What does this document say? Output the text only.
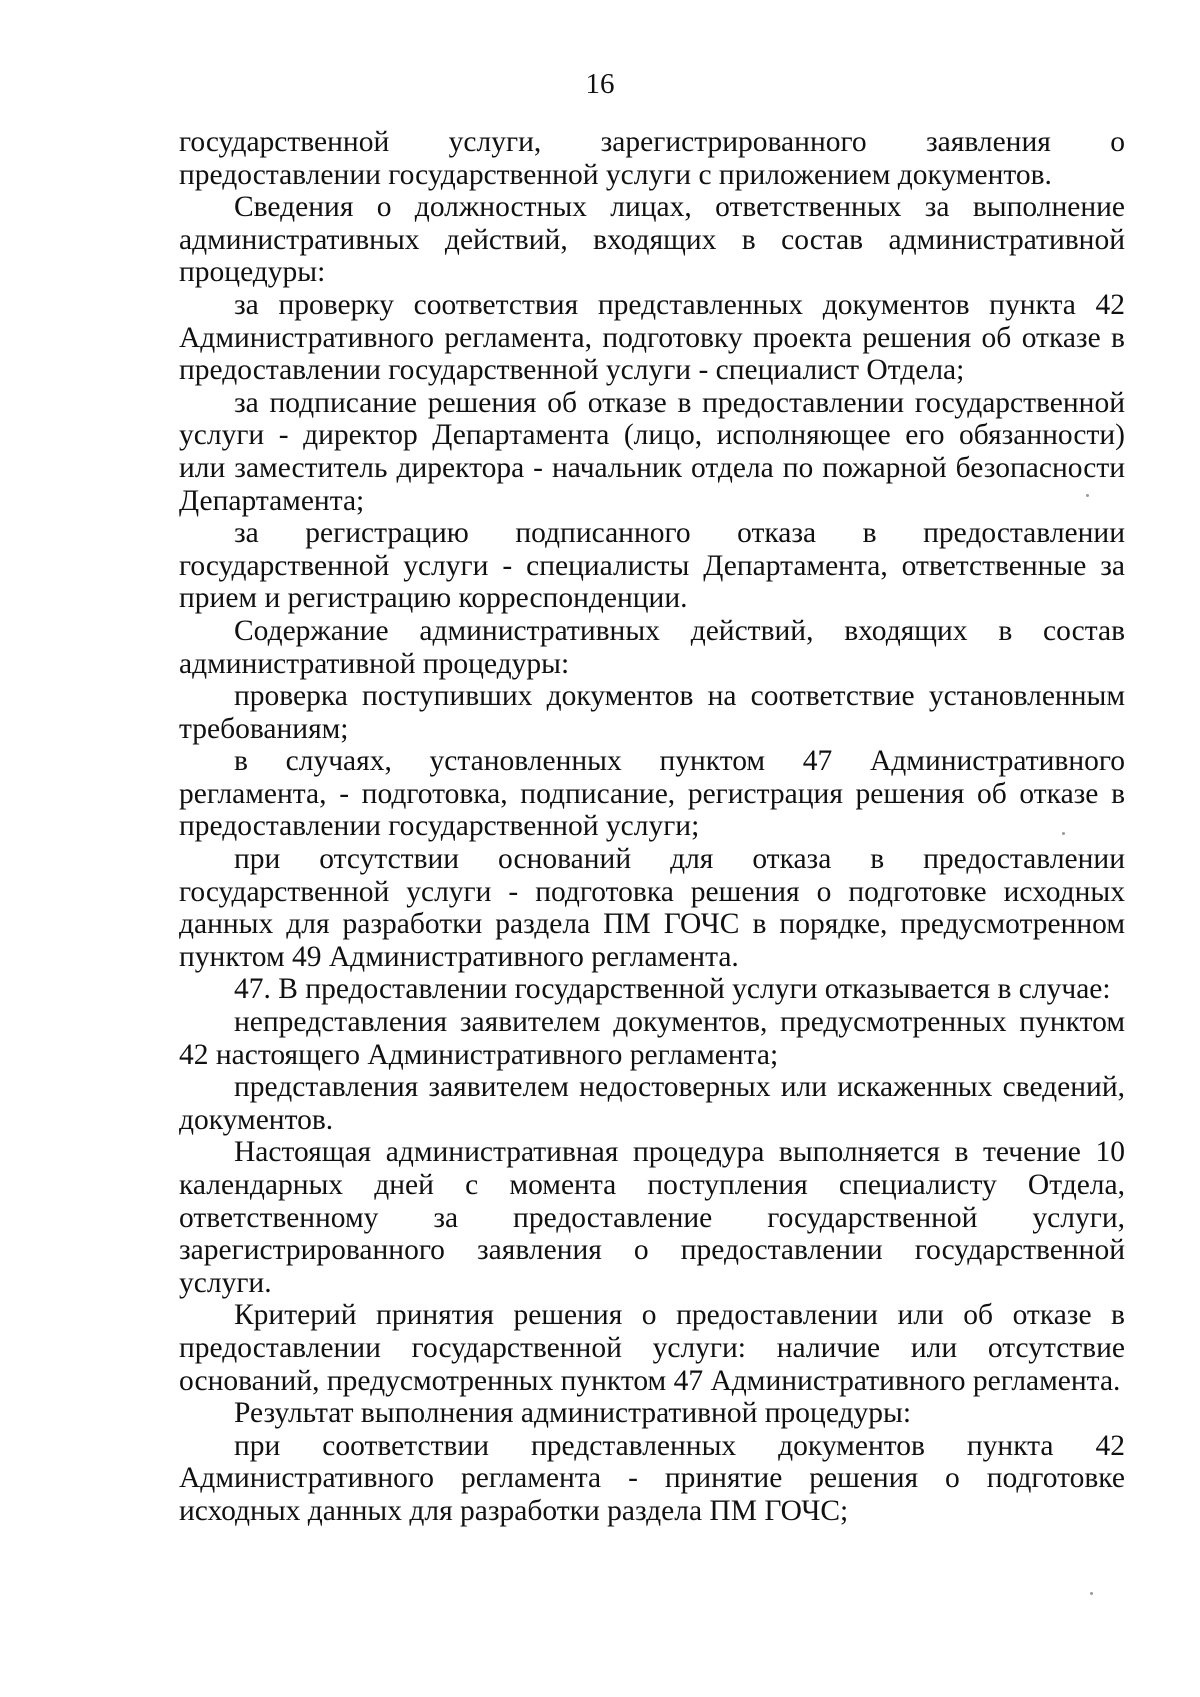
16

государственной услуги, зарегистрированного заявления о предоставлении государственной услуги с приложением документов.

Сведения о должностных лицах, ответственных за выполнение административных действий, входящих в состав административной процедуры:

за проверку соответствия представленных документов пункта 42 Административного регламента, подготовку проекта решения об отказе в предоставлении государственной услуги - специалист Отдела;

за подписание решения об отказе в предоставлении государственной услуги - директор Департамента (лицо, исполняющее его обязанности) или заместитель директора - начальник отдела по пожарной безопасности Департамента;

за регистрацию подписанного отказа в предоставлении государственной услуги - специалисты Департамента, ответственные за прием и регистрацию корреспонденции.

Содержание административных действий, входящих в состав административной процедуры:

проверка поступивших документов на соответствие установленным требованиям;

в случаях, установленных пунктом 47 Административного регламента, - подготовка, подписание, регистрация решения об отказе в предоставлении государственной услуги;

при отсутствии оснований для отказа в предоставлении государственной услуги - подготовка решения о подготовке исходных данных для разработки раздела ПМ ГОЧС в порядке, предусмотренном пунктом 49 Административного регламента.

47. В предоставлении государственной услуги отказывается в случае:

непредставления заявителем документов, предусмотренных пунктом 42 настоящего Административного регламента;

представления заявителем недостоверных или искаженных сведений, документов.

Настоящая административная процедура выполняется в течение 10 календарных дней с момента поступления специалисту Отдела, ответственному за предоставление государственной услуги, зарегистрированного заявления о предоставлении государственной услуги.

Критерий принятия решения о предоставлении или об отказе в предоставлении государственной услуги: наличие или отсутствие оснований, предусмотренных пунктом 47 Административного регламента.

Результат выполнения административной процедуры:

при соответствии представленных документов пункта 42 Административного регламента - принятие решения о подготовке исходных данных для разработки раздела ПМ ГОЧС;
